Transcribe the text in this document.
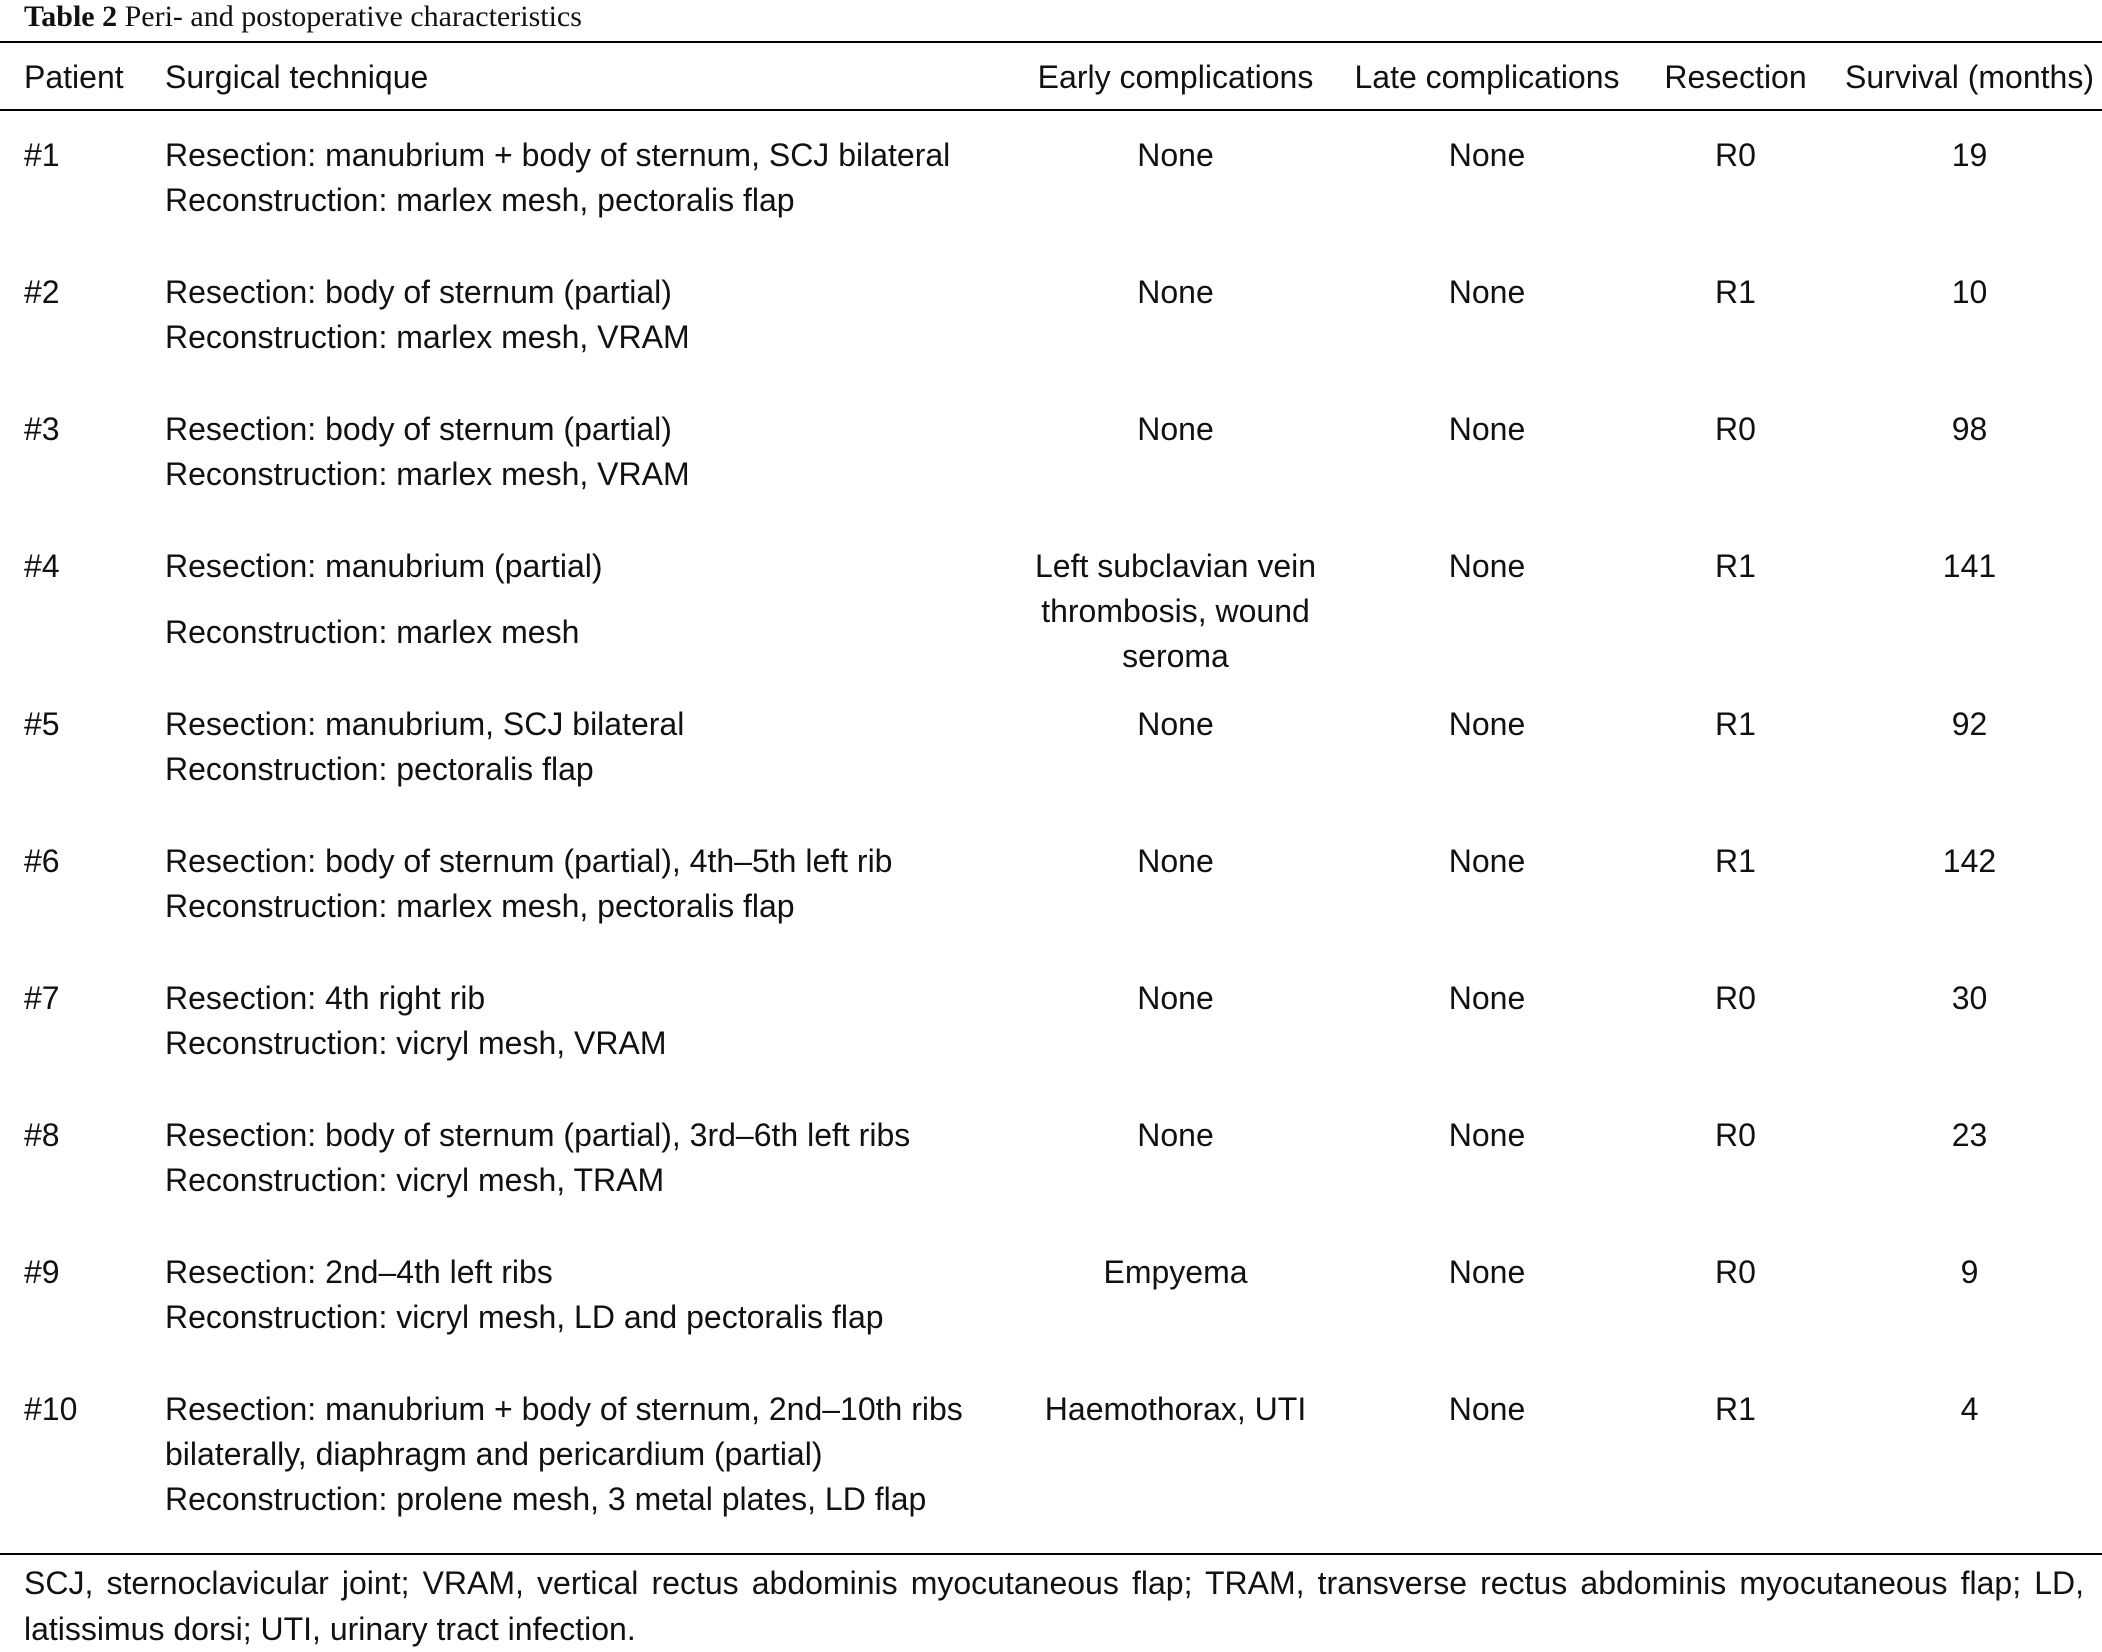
Table 2 Peri- and postoperative characteristics
Patient	Surgical technique	Early complications	Late complications	Resection	Survival (months)
#1	Resection: manubrium + body of sternum, SCJ bilateral	None	None	R0	19
	Reconstruction: marlex mesh, pectoralis flap				
#2	Resection: body of sternum (partial)	None	None	R1	10
	Reconstruction: marlex mesh, VRAM				
#3	Resection: body of sternum (partial)	None	None	R0	98
	Reconstruction: marlex mesh, VRAM				
#4	Resection: manubrium (partial)	Left subclavian vein thrombosis, wound seroma	None	R1	141
	Reconstruction: marlex mesh				
#5	Resection: manubrium, SCJ bilateral	None	None	R1	92
	Reconstruction: pectoralis flap				
#6	Resection: body of sternum (partial), 4th–5th left rib	None	None	R1	142
	Reconstruction: marlex mesh, pectoralis flap				
#7	Resection: 4th right rib	None	None	R0	30
	Reconstruction: vicryl mesh, VRAM				
#8	Resection: body of sternum (partial), 3rd–6th left ribs	None	None	R0	23
	Reconstruction: vicryl mesh, TRAM				
#9	Resection: 2nd–4th left ribs	Empyema	None	R0	9
	Reconstruction: vicryl mesh, LD and pectoralis flap				
#10	Resection: manubrium + body of sternum, 2nd–10th ribs bilaterally, diaphragm and pericardium (partial)	Haemothorax, UTI	None	R1	4
	Reconstruction: prolene mesh, 3 metal plates, LD flap				
SCJ, sternoclavicular joint; VRAM, vertical rectus abdominis myocutaneous flap; TRAM, transverse rectus abdominis myocutaneous flap; LD, latissimus dorsi; UTI, urinary tract infection.
